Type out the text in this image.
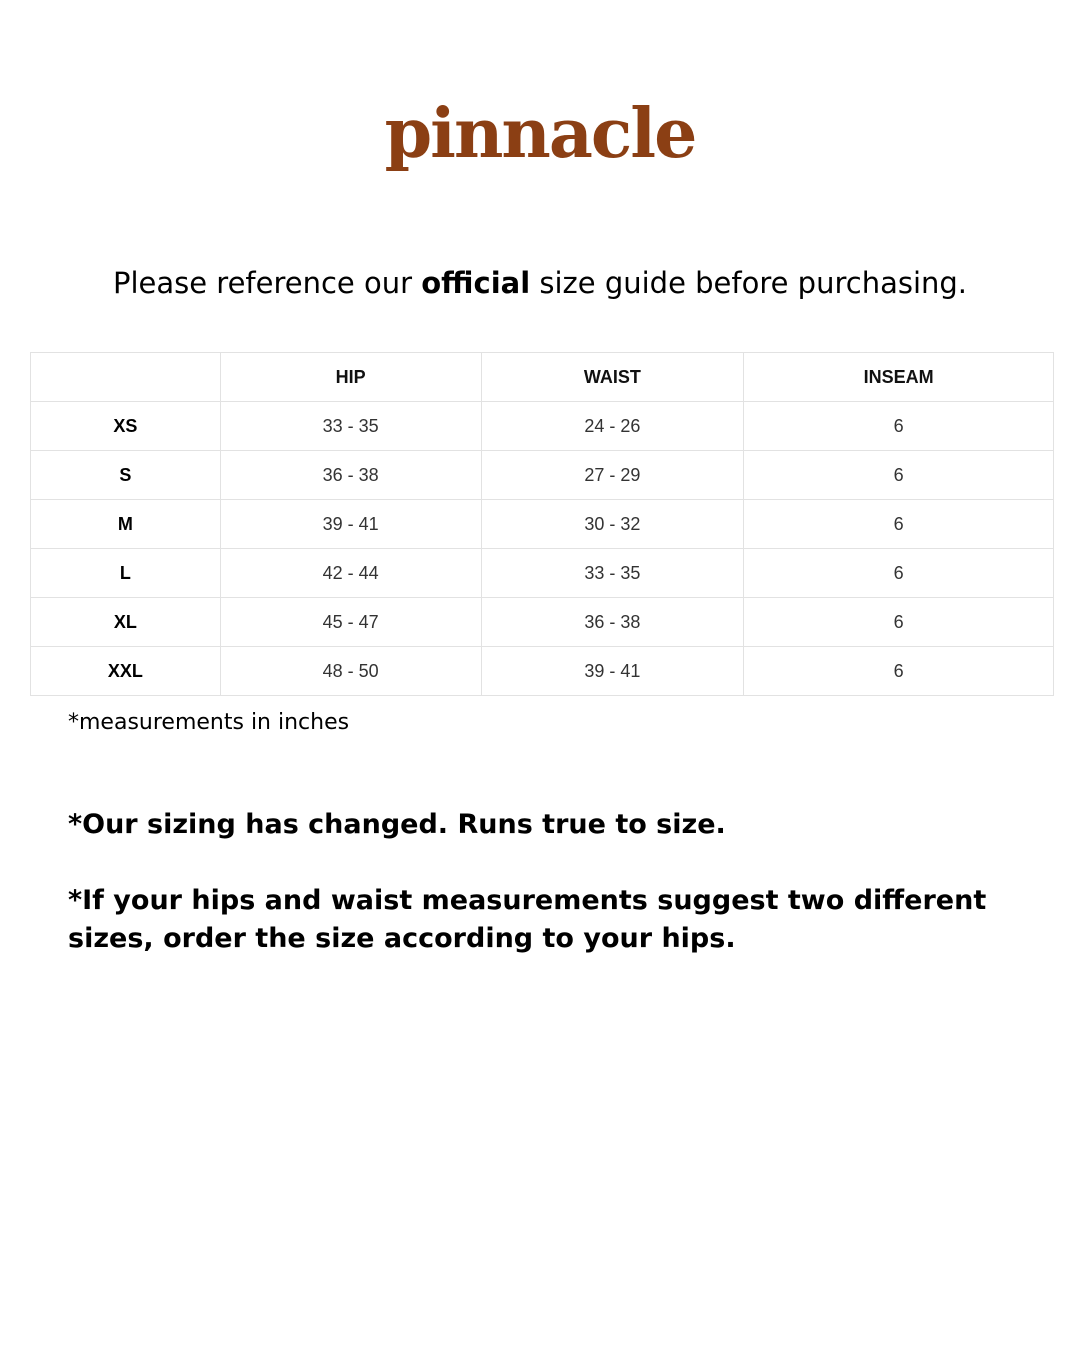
pinnacle

Please reference our official size guide before purchasing.

	HIP	WAIST	INSEAM
XS	33 - 35	24 - 26	6
S	36 - 38	27 - 29	6
M	39 - 41	30 - 32	6
L	42 - 44	33 - 35	6
XL	45 - 47	36 - 38	6
XXL	48 - 50	39 - 41	6
*measurements in inches
*Our sizing has changed. Runs true to size.
*If your hips and waist measurements suggest two different sizes, order the size according to your hips.
